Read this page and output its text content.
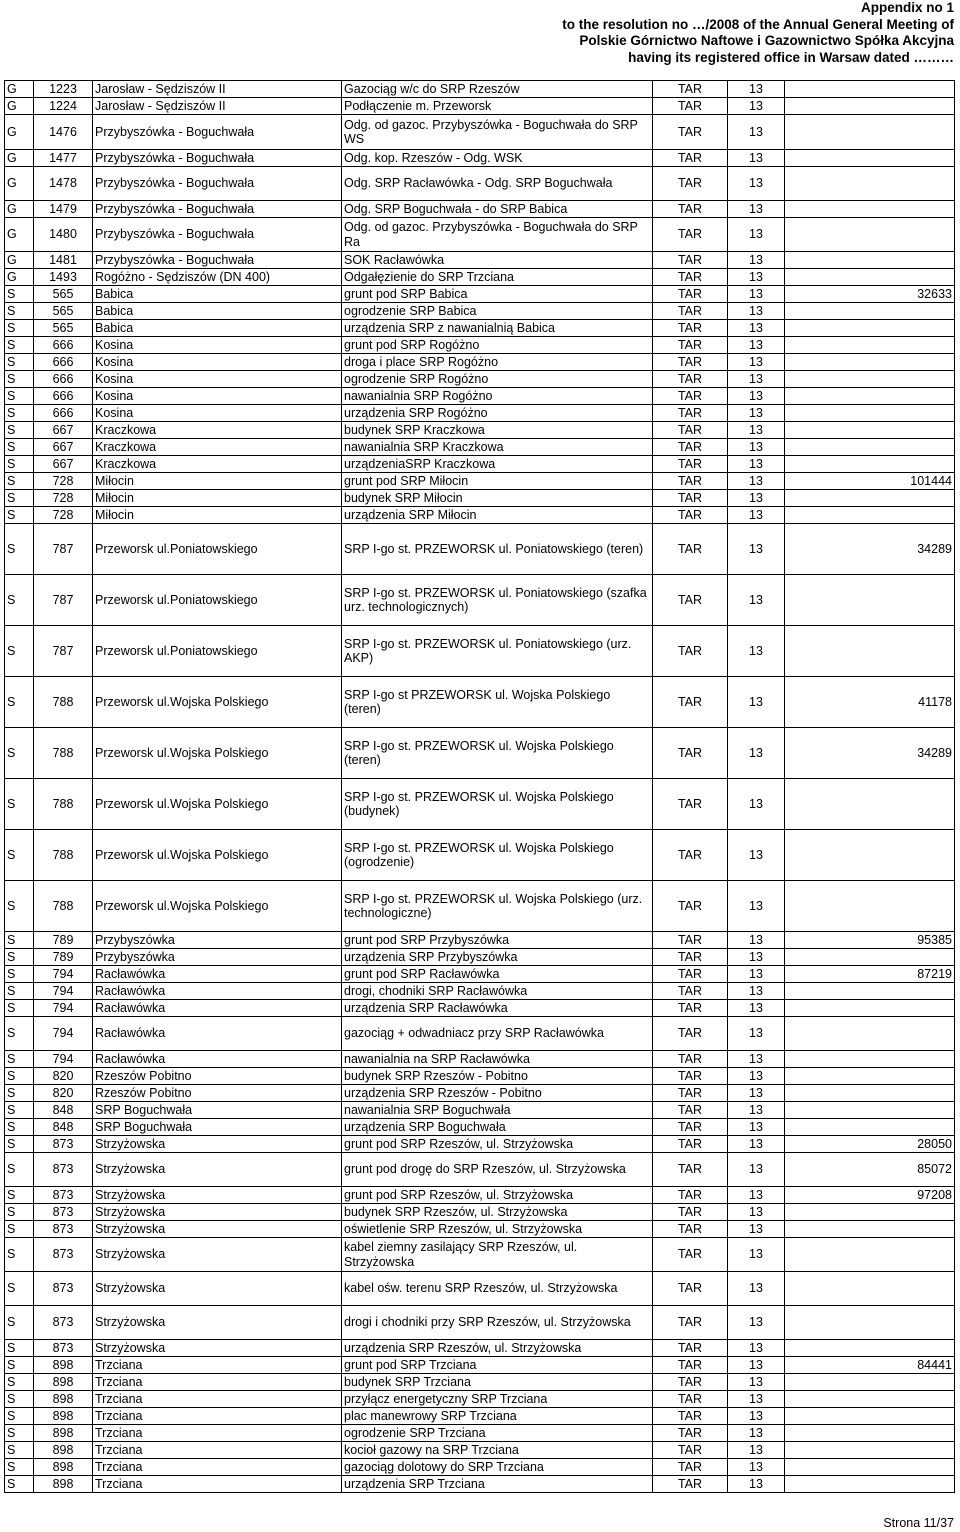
Appendix no 1
to the resolution no …/2008 of the Annual General Meeting of
Polskie Górnictwo Naftowe i Gazownictwo Spółka Akcyjna
having its registered office in Warsaw dated ………
G	1223	Jarosław - Sędziszów II	Gazociąg w/c do SRP Rzeszów	TAR	13	
G	1224	Jarosław - Sędziszów II	Podłączenie m. Przeworsk	TAR	13	
G	1476	Przybyszówka - Boguchwała	Odg. od gazoc. Przybyszówka - Boguchwała do SRP WS	TAR	13	
G	1477	Przybyszówka - Boguchwała	Odg. kop. Rzeszów - Odg. WSK	TAR	13	
G	1478	Przybyszówka - Boguchwała	Odg. SRP Racławówka - Odg. SRP Boguchwała	TAR	13	
G	1479	Przybyszówka - Boguchwała	Odg. SRP Boguchwała - do SRP Babica	TAR	13	
G	1480	Przybyszówka - Boguchwała	Odg. od gazoc. Przybyszówka - Boguchwała do SRP Ra	TAR	13	
G	1481	Przybyszówka - Boguchwała	SOK Racławówka	TAR	13	
G	1493	Rogóżno - Sędziszów (DN 400)	Odgałęzienie do SRP Trzciana	TAR	13	
S	565	Babica	grunt pod SRP Babica	TAR	13	32633
S	565	Babica	ogrodzenie SRP Babica	TAR	13	
S	565	Babica	urządzenia SRP z nawanialnią Babica	TAR	13	
S	666	Kosina	grunt pod SRP Rogóżno	TAR	13	
S	666	Kosina	droga i place SRP Rogóżno	TAR	13	
S	666	Kosina	ogrodzenie SRP Rogóżno	TAR	13	
S	666	Kosina	nawanialnia SRP Rogóżno	TAR	13	
S	666	Kosina	urządzenia SRP Rogóżno	TAR	13	
S	667	Kraczkowa	budynek SRP Kraczkowa	TAR	13	
S	667	Kraczkowa	nawanialnia SRP Kraczkowa	TAR	13	
S	667	Kraczkowa	urządzeniaSRP Kraczkowa	TAR	13	
S	728	Miłocin	grunt pod SRP Miłocin	TAR	13	101444
S	728	Miłocin	budynek SRP Miłocin	TAR	13	
S	728	Miłocin	urządzenia SRP Miłocin	TAR	13	
S	787	Przeworsk ul.Poniatowskiego	SRP I-go st. PRZEWORSK ul. Poniatowskiego (teren)	TAR	13	34289
S	787	Przeworsk ul.Poniatowskiego	SRP I-go st. PRZEWORSK ul. Poniatowskiego (szafka urz. technologicznych)	TAR	13	
S	787	Przeworsk ul.Poniatowskiego	SRP I-go st. PRZEWORSK ul. Poniatowskiego (urz. AKP)	TAR	13	
S	788	Przeworsk ul.Wojska Polskiego	SRP I-go st PRZEWORSK ul. Wojska Polskiego (teren)	TAR	13	41178
S	788	Przeworsk ul.Wojska Polskiego	SRP I-go st. PRZEWORSK ul. Wojska Polskiego (teren)	TAR	13	34289
S	788	Przeworsk ul.Wojska Polskiego	SRP I-go st. PRZEWORSK ul. Wojska Polskiego (budynek)	TAR	13	
S	788	Przeworsk ul.Wojska Polskiego	SRP I-go st. PRZEWORSK ul. Wojska Polskiego (ogrodzenie)	TAR	13	
S	788	Przeworsk ul.Wojska Polskiego	SRP I-go st. PRZEWORSK ul. Wojska Polskiego (urz. technologiczne)	TAR	13	
S	789	Przybyszówka	grunt pod SRP Przybyszówka	TAR	13	95385
S	789	Przybyszówka	urządzenia SRP Przybyszówka	TAR	13	
S	794	Racławówka	grunt pod SRP Racławówka	TAR	13	87219
S	794	Racławówka	drogi, chodniki SRP Racławówka	TAR	13	
S	794	Racławówka	urządzenia SRP Racławówka	TAR	13	
S	794	Racławówka	gazociąg + odwadniacz przy SRP Racławówka	TAR	13	
S	794	Racławówka	nawanialnia na SRP Racławówka	TAR	13	
S	820	Rzeszów Pobitno	budynek SRP Rzeszów - Pobitno	TAR	13	
S	820	Rzeszów Pobitno	urządzenia SRP Rzeszów - Pobitno	TAR	13	
S	848	SRP Boguchwała	nawanialnia SRP Boguchwała	TAR	13	
S	848	SRP Boguchwała	urządzenia SRP Boguchwała	TAR	13	
S	873	Strzyżowska	grunt pod SRP Rzeszów, ul. Strzyżowska	TAR	13	28050
S	873	Strzyżowska	grunt pod drogę do SRP Rzeszów, ul. Strzyżowska	TAR	13	85072
S	873	Strzyżowska	grunt pod SRP Rzeszów, ul. Strzyżowska	TAR	13	97208
S	873	Strzyżowska	budynek SRP Rzeszów, ul. Strzyżowska	TAR	13	
S	873	Strzyżowska	oświetlenie SRP Rzeszów, ul. Strzyżowska	TAR	13	
S	873	Strzyżowska	kabel ziemny zasilający SRP Rzeszów, ul. Strzyżowska	TAR	13	
S	873	Strzyżowska	kabel ośw. terenu SRP Rzeszów, ul. Strzyżowska	TAR	13	
S	873	Strzyżowska	drogi i chodniki przy SRP Rzeszów, ul. Strzyżowska	TAR	13	
S	873	Strzyżowska	urządzenia SRP Rzeszów, ul. Strzyżowska	TAR	13	
S	898	Trzciana	grunt pod SRP Trzciana	TAR	13	84441
S	898	Trzciana	budynek SRP Trzciana	TAR	13	
S	898	Trzciana	przyłącz energetyczny SRP Trzciana	TAR	13	
S	898	Trzciana	plac manewrowy SRP Trzciana	TAR	13	
S	898	Trzciana	ogrodzenie SRP Trzciana	TAR	13	
S	898	Trzciana	kocioł gazowy na SRP Trzciana	TAR	13	
S	898	Trzciana	gazociąg dolotowy do SRP Trzciana	TAR	13	
S	898	Trzciana	urządzenia SRP Trzciana	TAR	13	
Strona 11/37
